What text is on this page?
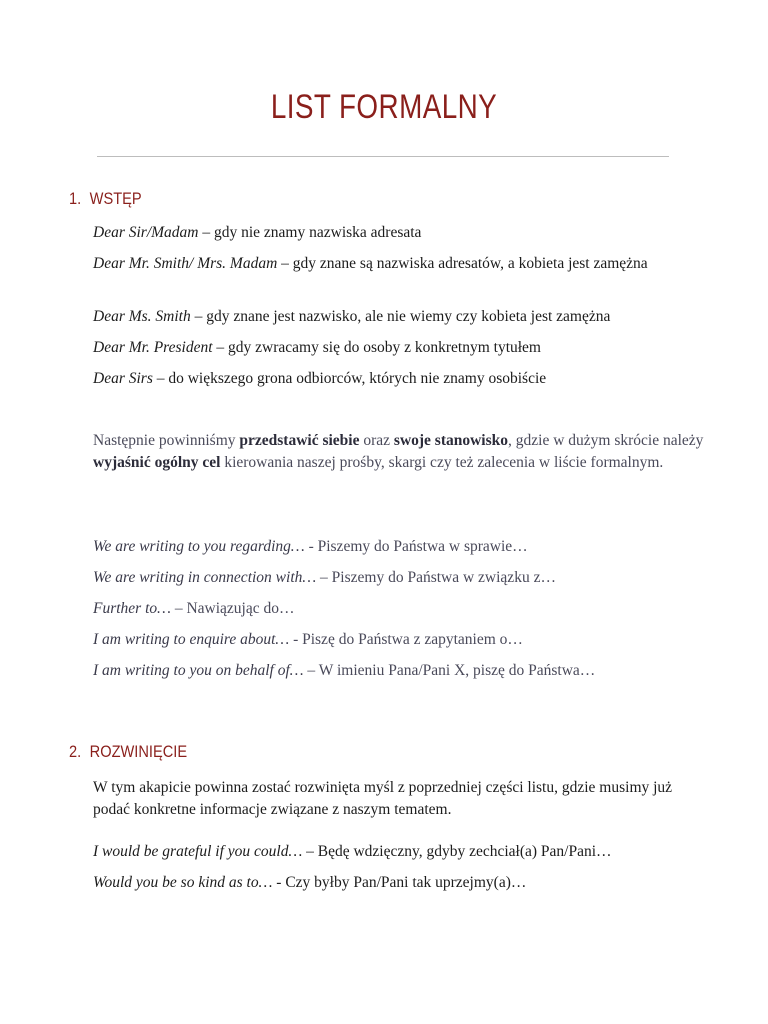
LIST FORMALNY
1. WSTĘP
Dear Sir/Madam – gdy nie znamy nazwiska adresata
Dear Mr. Smith/ Mrs. Madam – gdy znane są nazwiska adresatów, a kobieta jest zamężna
Dear Ms. Smith – gdy znane jest nazwisko, ale nie wiemy czy kobieta jest zamężna
Dear Mr. President – gdy zwracamy się do osoby z konkretnym tytułem
Dear Sirs – do większego grona odbiorców, których nie znamy osobiście
Następnie powinniśmy przedstawić siebie oraz swoje stanowisko, gdzie w dużym skrócie należy wyjaśnić ogólny cel kierowania naszej prośby, skargi czy też zalecenia w liście formalnym.
We are writing to you regarding… - Piszemy do Państwa w sprawie…
We are writing in connection with… – Piszemy do Państwa w związku z…
Further to… – Nawiązując do…
I am writing to enquire about… - Piszę do Państwa z zapytaniem o…
I am writing to you on behalf of… – W imieniu Pana/Pani X, piszę do Państwa…
2. ROZWINIĘCIE
W tym akapicie powinna zostać rozwinięta myśl z poprzedniej części listu, gdzie musimy już podać konkretne informacje związane z naszym tematem.
I would be grateful if you could… – Będę wdzięczny, gdyby zechciał(a) Pan/Pani…
Would you be so kind as to… - Czy byłby Pan/Pani tak uprzejmy(a)…
